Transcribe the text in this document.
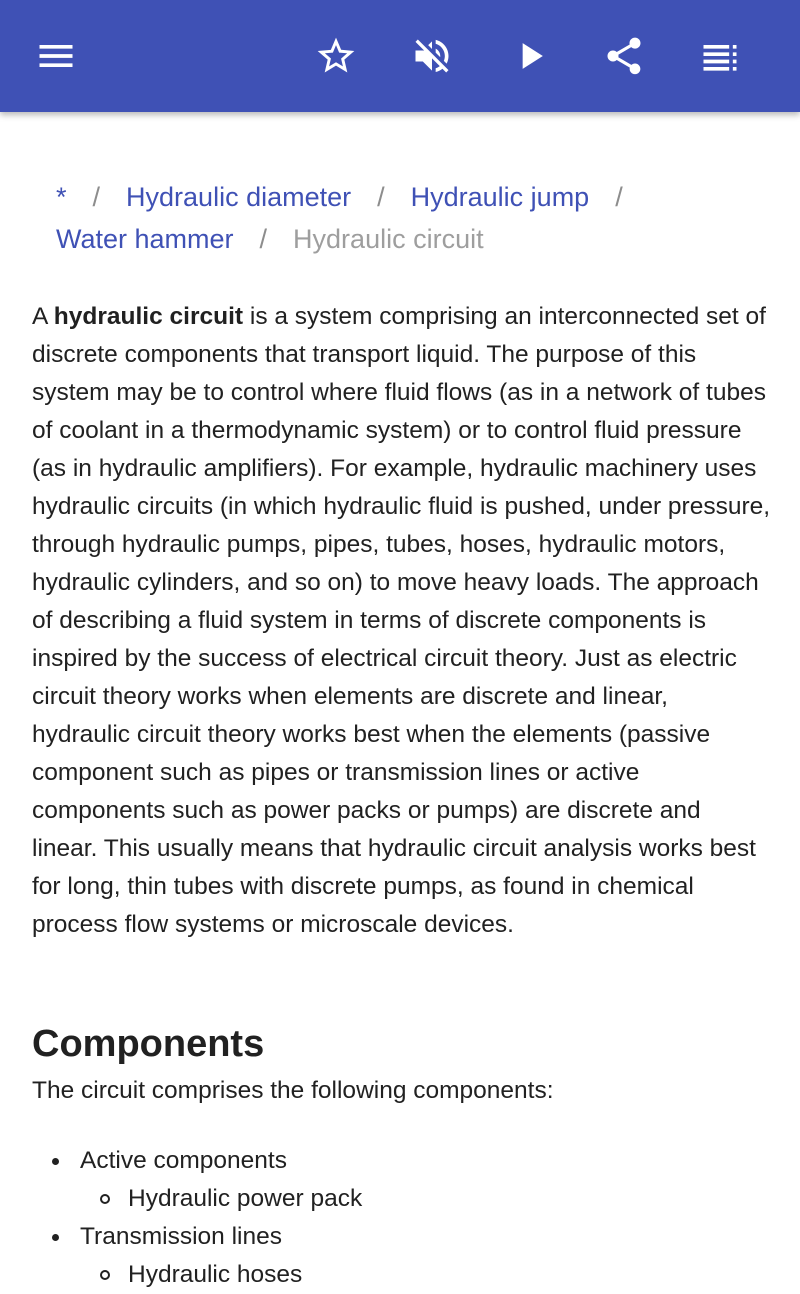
* / Hydraulic diameter / Hydraulic jump /
Water hammer / Hydraulic circuit

A hydraulic circuit is a system comprising an interconnected set of discrete components that transport liquid. The purpose of this system may be to control where fluid flows (as in a network of tubes of coolant in a thermodynamic system) or to control fluid pressure (as in hydraulic amplifiers). For example, hydraulic machinery uses hydraulic circuits (in which hydraulic fluid is pushed, under pressure, through hydraulic pumps, pipes, tubes, hoses, hydraulic motors, hydraulic cylinders, and so on) to move heavy loads. The approach of describing a fluid system in terms of discrete components is inspired by the success of electrical circuit theory. Just as electric circuit theory works when elements are discrete and linear, hydraulic circuit theory works best when the elements (passive component such as pipes or transmission lines or active components such as power packs or pumps) are discrete and linear. This usually means that hydraulic circuit analysis works best for long, thin tubes with discrete pumps, as found in chemical process flow systems or microscale devices.

Components

The circuit comprises the following components:

Active components
Hydraulic power pack
Transmission lines
Hydraulic hoses
